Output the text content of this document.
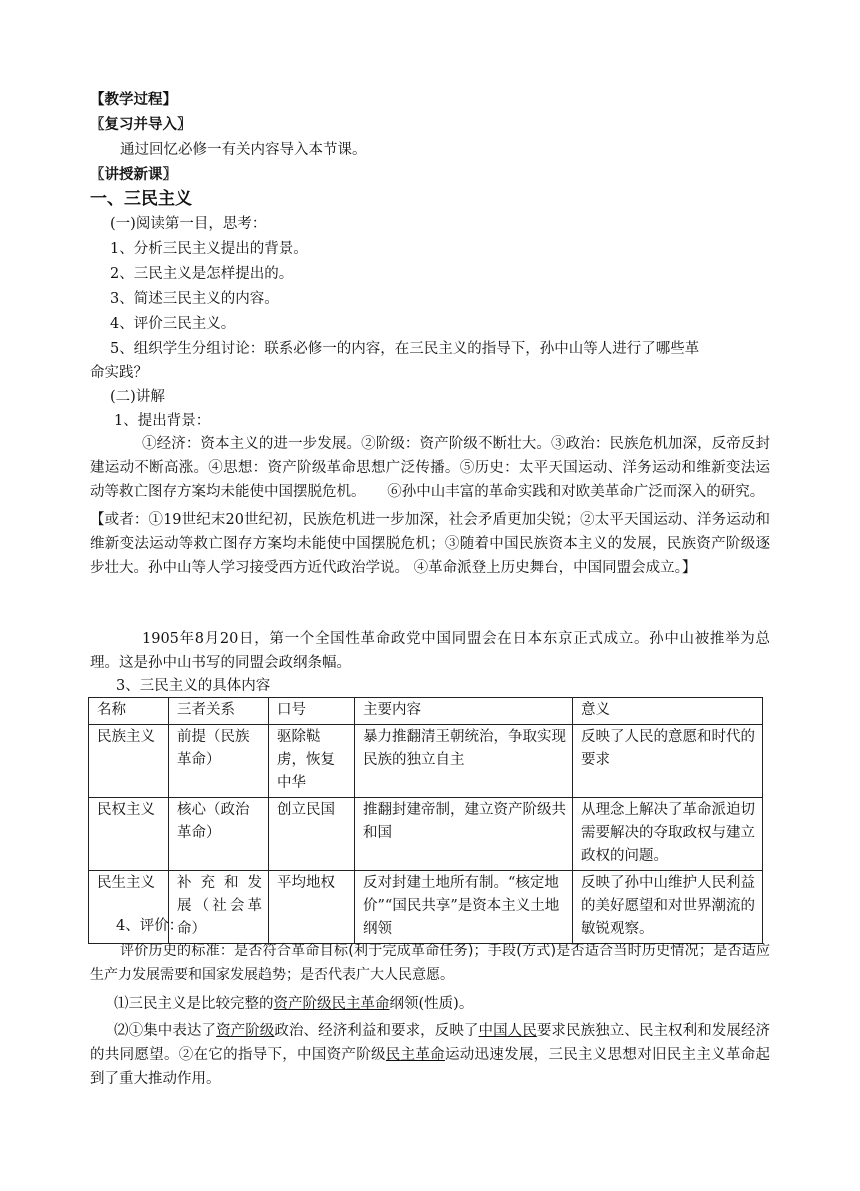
【教学过程】
〖复习并导入〗
通过回忆必修一有关内容导入本节课。
〖讲授新课〗
一、三民主义
(一)阅读第一目，思考：
1、分析三民主义提出的背景。
2、三民主义是怎样提出的。
3、简述三民主义的内容。
4、评价三民主义。
5、组织学生分组讨论：联系必修一的内容，在三民主义的指导下，孙中山等人进行了哪些革
命实践？
(二)讲解
1、提出背景：
①经济：资本主义的进一步发展。②阶级：资产阶级不断壮大。③政治：民族危机加深，反帝反封建运动不断高涨。④思想：资产阶级革命思想广泛传播。⑤历史：太平天国运动、洋务运动和维新变法运动等救亡图存方案均未能使中国摆脱危机。　　⑥孙中山丰富的革命实践和对欧美革命广泛而深入的研究。
【或者：①19世纪末20世纪初，民族危机进一步加深，社会矛盾更加尖锐；②太平天国运动、洋务运动和维新变法运动等救亡图存方案均未能使中国摆脱危机；③随着中国民族资本主义的发展，民族资产阶级逐步壮大。孙中山等人学习接受西方近代政治学说。 ④革命派登上历史舞台，中国同盟会成立。】
1905年8月20日，第一个全国性革命政党中国同盟会在日本东京正式成立。孙中山被推举为总理。这是孙中山书写的同盟会政纲条幅。
3、三民主义的具体内容
名称	三者关系	口号	主要内容	意义
民族主义	前提（民族革命）	驱除鞑虏，恢复中华	暴力推翻清王朝统治，争取实现民族的独立自主	反映了人民的意愿和时代的要求
民权主义	核心（政治革命）	创立民国	推翻封建帝制，建立资产阶级共和国	从理念上解决了革命派迫切需要解决的夺取政权与建立政权的问题。
民生主义	补 充 和 发展（社会革命）	平均地权	反对封建土地所有制。“核定地价”“国民共享”是资本主义土地纲领	反映了孙中山维护人民利益的美好愿望和对世界潮流的敏锐观察。
4、评价：
评价历史的标准：是否符合革命目标(利于完成革命任务)；手段(方式)是否适合当时历史情况；是否适应生产力发展需要和国家发展趋势；是否代表广大人民意愿。
⑴三民主义是比较完整的资产阶级民主革命纲领(性质)。
⑵①集中表达了资产阶级政治、经济利益和要求，反映了中国人民要求民族独立、民主权利和发展经济的共同愿望。②在它的指导下，中国资产阶级民主革命运动迅速发展，三民主义思想对旧民主主义革命起到了重大推动作用。
